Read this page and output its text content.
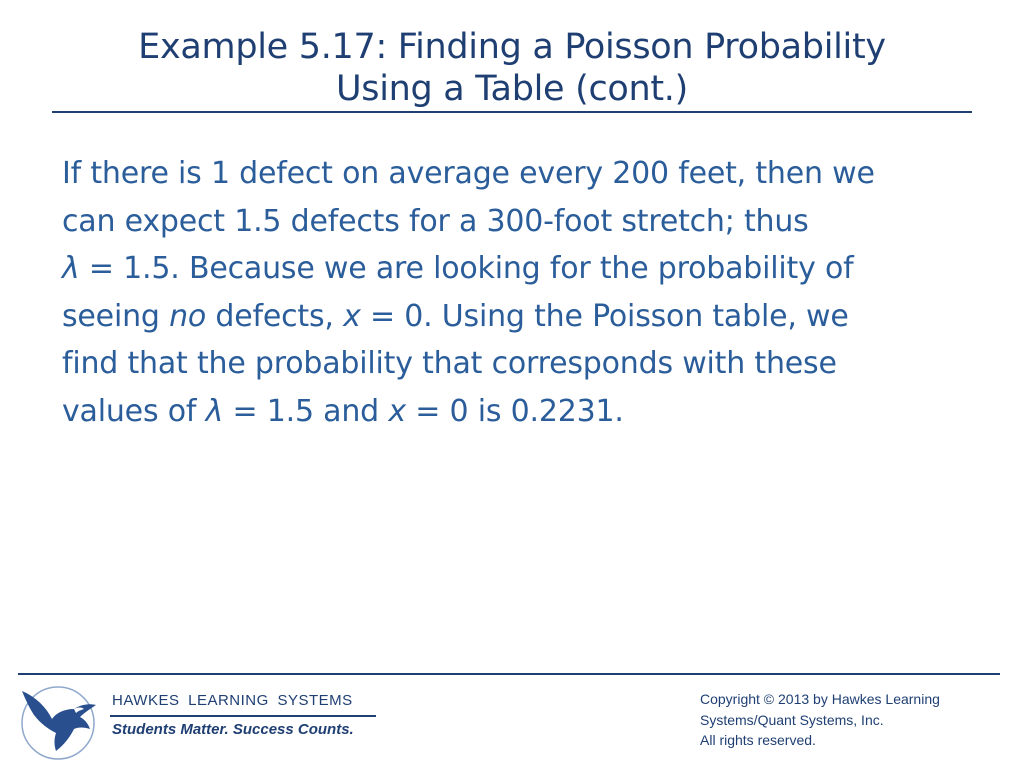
Example 5.17: Finding a Poisson Probability
Using a Table (cont.)
If there is 1 defect on average every 200 feet, then we
can expect 1.5 defects for a 300-foot stretch; thus
λ = 1.5. Because we are looking for the probability of
seeing no defects, x = 0. Using the Poisson table, we
find that the probability that corresponds with these
values of λ = 1.5 and x = 0 is 0.2231.
HAWKES LEARNING SYSTEMS
Students Matter. Success Counts.
Copyright © 2013 by Hawkes Learning
Systems/Quant Systems, Inc.
All rights reserved.
